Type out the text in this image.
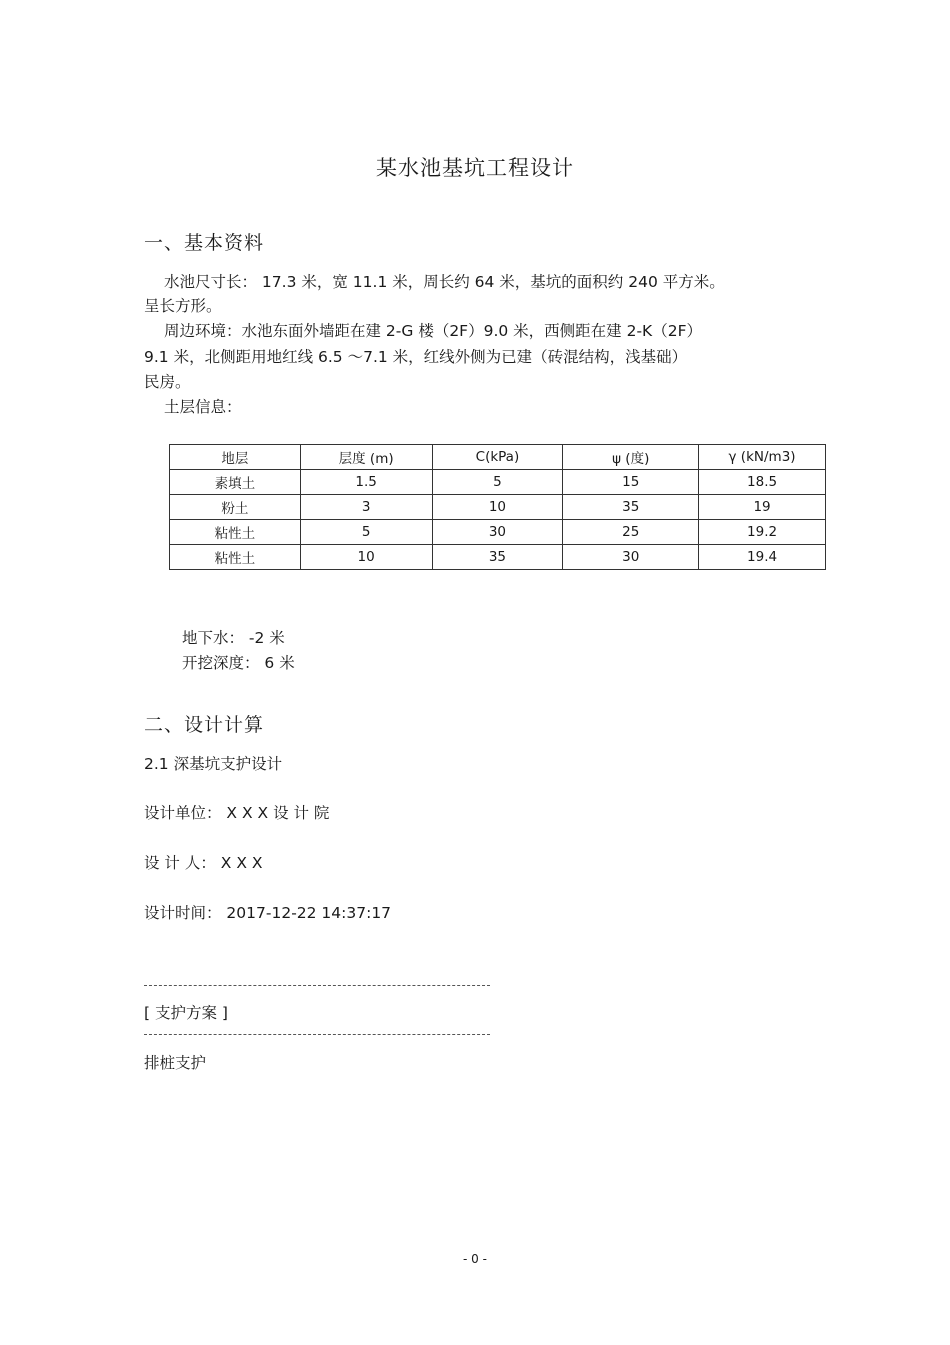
某水池基坑工程设计
一、基本资料
水池尺寸长： 17.3 米，宽 11.1 米，周长约 64 米，基坑的面积约 240 平方米。
呈长方形。
周边环境：水池东面外墙距在建 2-G 楼（2F）9.0 米，西侧距在建 2-K（2F）
9.1 米，北侧距用地红线 6.5 ～7.1 米，红线外侧为已建（砖混结构，浅基础）
民房。
土层信息：
地层	层度 (m)	C(kPa)	ψ (度)	γ (kN/m3)
素填土	1.5	5	15	18.5
粉土	3	10	35	19
粘性土	5	30	25	19.2
粘性土	10	35	30	19.4
地下水： -2 米
开挖深度： 6 米
二、设计计算
2.1 深基坑支护设计
设计单位： X X X 设 计 院
设 计 人： X X X
设计时间： 2017-12-22 14:37:17
[ 支护方案 ]
排桩支护
- 0 -
